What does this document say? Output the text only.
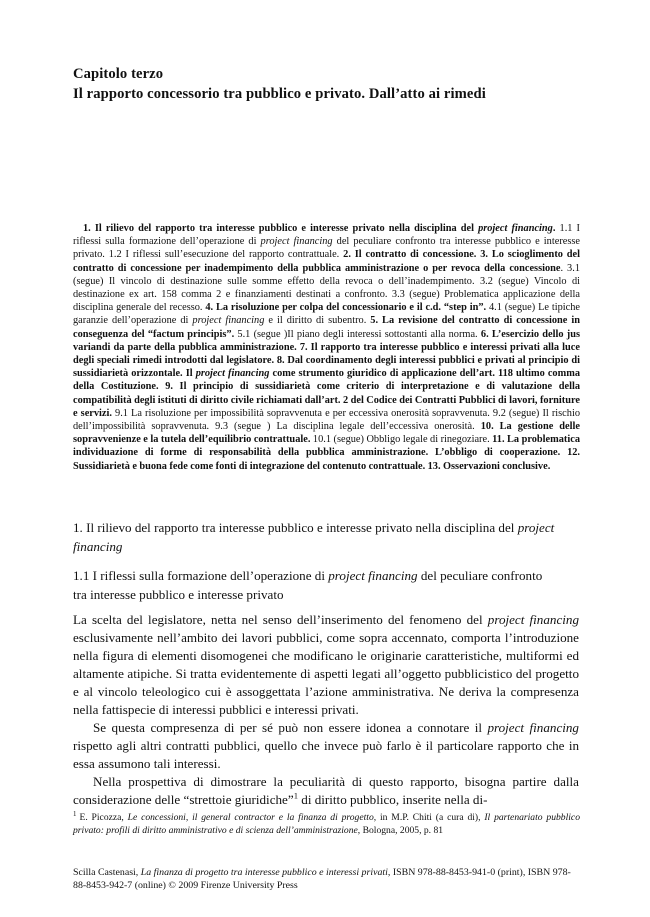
Capitolo terzo
Il rapporto concessorio tra pubblico e privato. Dall’atto ai rimedi
1. Il rilievo del rapporto tra interesse pubblico e interesse privato nella disciplina del project financing. 1.1 I riflessi sulla formazione dell’operazione di project financing del peculiare confronto tra interesse pubblico e interesse privato. 1.2 I riflessi sull’esecuzione del rapporto contrattuale. 2. Il contratto di concessione. 3. Lo scioglimento del contratto di concessione per inadempimento della pubblica amministrazione o per revoca della concessione. 3.1 (segue) Il vincolo di destinazione sulle somme effetto della revoca o dell’inadempimento. 3.2 (segue) Vincolo di destinazione ex art. 158 comma 2 e finanziamenti destinati a confronto. 3.3 (segue) Problematica applicazione della disciplina generale del recesso. 4. La risoluzione per colpa del concessionario e il c.d. “step in”. 4.1 (segue) Le tipiche garanzie dell’operazione di project financing e il diritto di subentro. 5. La revisione del contratto di concessione in conseguenza del “factum principis”. 5.1 (segue )Il piano degli interessi sottostanti alla norma. 6. L’esercizio dello jus variandi da parte della pubblica amministrazione. 7. Il rapporto tra interesse pubblico e interessi privati alla luce degli speciali rimedi introdotti dal legislatore. 8. Dal coordinamento degli interessi pubblici e privati al principio di sussidiarietà orizzontale. Il project financing come strumento giuridico di applicazione dell’art. 118 ultimo comma della Costituzione. 9. Il principio di sussidiarietà come criterio di interpretazione e di valutazione della compatibilità degli istituti di diritto civile richiamati dall’art. 2 del Codice dei Contratti Pubblici di lavori, forniture e servizi. 9.1 La risoluzione per impossibilità sopravvenuta e per eccessiva onerosità sopravvenuta. 9.2 (segue) Il rischio dell’impossibilità sopravvenuta. 9.3 (segue ) La disciplina legale dell’eccessiva onerosità. 10. La gestione delle sopravvenienze e la tutela dell’equilibrio contrattuale. 10.1 (segue) Obbligo legale di rinegoziare. 11. La problematica individuazione di forme di responsabilità della pubblica amministrazione. L’obbligo di cooperazione. 12. Sussidiarietà e buona fede come fonti di integrazione del contenuto contrattuale. 13. Osservazioni conclusive.
1. Il rilievo del rapporto tra interesse pubblico e interesse privato nella disciplina del project financing
1.1 I riflessi sulla formazione dell’operazione di project financing del peculiare confronto tra interesse pubblico e interesse privato

La scelta del legislatore, netta nel senso dell’inserimento del fenomeno del project financing esclusivamente nell’ambito dei lavori pubblici, come sopra accennato, comporta l’introduzione nella figura di elementi disomogenei che modificano le originarie caratteristiche, multiformi ed altamente atipiche. Si tratta evidentemente di aspetti legati all’oggetto pubblicistico del progetto e al vincolo teleologico cui è assoggettata l’azione amministrativa. Ne deriva la compresenza nella fattispecie di interessi pubblici e interessi privati.

Se questa compresenza di per sé può non essere idonea a connotare il project financing rispetto agli altri contratti pubblici, quello che invece può farlo è il particolare rapporto che in essa assumono tali interessi.

Nella prospettiva di dimostrare la peculiarità di questo rapporto, bisogna partire dalla considerazione delle “strettoie giuridiche”$^1$ di diritto pubblico, inserite nella di-

$^1$ E. Picozza, Le concessioni, il general contractor e la finanza di progetto, in M.P. Chiti (a cura di), Il partenariato pubblico privato: profili di diritto amministrativo e di scienza dell’amministrazione, Bologna, 2005, p. 81
Scilla Castenasi, La finanza di progetto tra interesse pubblico e interessi privati, ISBN 978-88-8453-941-0 (print), ISBN 978-88-8453-942-7 (online) © 2009 Firenze University Press
